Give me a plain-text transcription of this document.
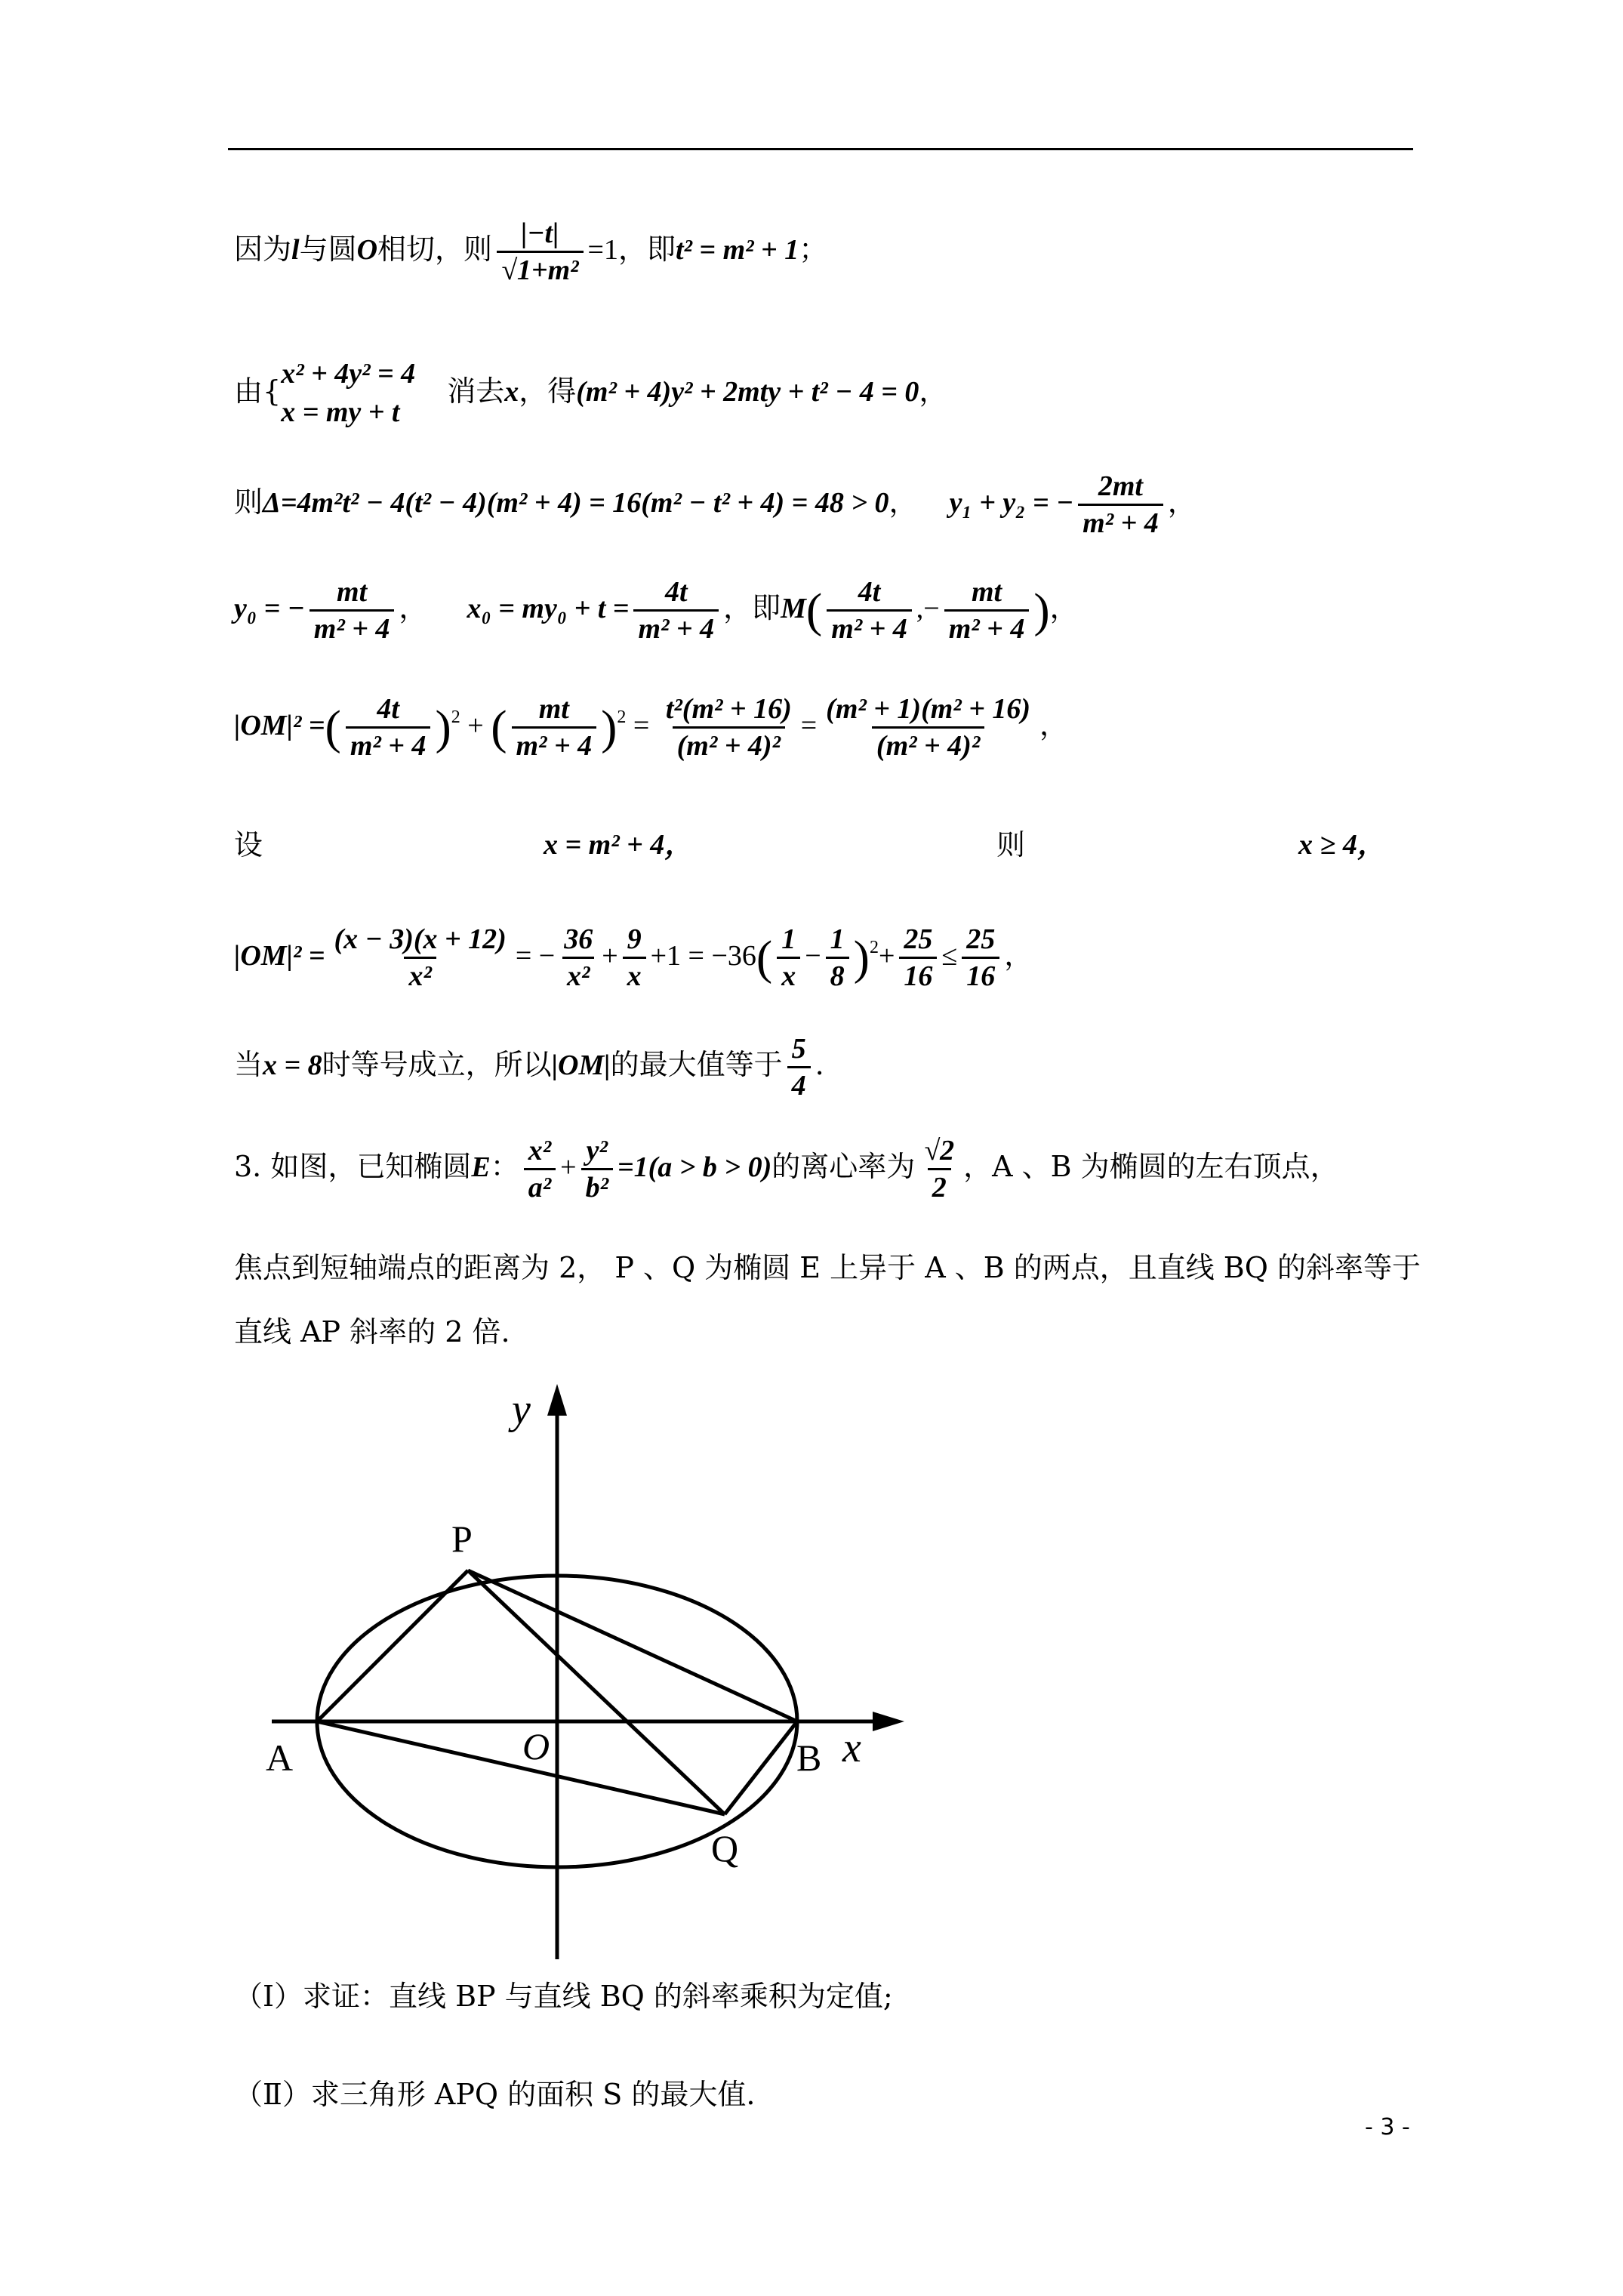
因为l与圆O相切，则 $\frac{|-t|}{\text{√1+m²}} =1$，即t² = m² + 1；
由{
x² + 4y² = 4
x = my + t
消去x，得(m² + 4)y² + 2mty + t² − 4 = 0，
则Δ=4m²t² − 4(t² − 4)(m² + 4) = 16(m² − t² + 4) = 48 > 0， y₁ + y₂ = − $\frac{2mt}{\text{m² + 4}}$ ，
y₀ = − $\frac{mt}{\text{m² + 4}}$ ， $x_0 = my_0 + t = \frac{4t}{\text{m² + 4}}$ ，即$M( \frac{4t}{\text{m² + 4}}$ ,− $\frac{mt}{\text{m² + 4}}$ )，
|OM|² =( $\frac{4t}{\text{m² + 4}} )^2$ + ( $\frac{mt}{\text{m² + 4}} )^2 = \frac{\text{t²(m² + 16)}}{\text{(m² + 4)²}} = \frac{\text{(m² + 1)(m² + 16)}}{\text{(m² + 4)²}}$ ，
设	x = m² + 4，	则	x ≥ 4，
$|OM|^2 = \frac{(x - 3)(x + 12)}{\text{x²}}$ = − $\frac{36}{\text{x²}} + \frac{9}{x} +1 = -36( \frac{1}{x} - \frac{1}{8} )^2+ \frac{25}{16} \le \frac{25}{16}$ ，
当x = 8时等号成立，所以|OM|的最大值等于 $\frac{5}{4}$ .
3. 如图，已知椭圆E： $\frac{\text{x²}}{\text{a²}} + \frac{\text{y²}}{\text{b²}} =1(a > b > 0)$的离心率为 $\frac{√2}{2}$ ，A 、B 为椭圆的左右顶点，
焦点到短轴端点的距离为 2， P 、Q 为椭圆 E 上异于 A 、B 的两点，且直线 BQ 的斜率等于
直线 AP 斜率的 2 倍.
y
x
P
A	O	B
Q
（Ⅰ）求证：直线 BP 与直线 BQ 的斜率乘积为定值;
（Ⅱ）求三角形 APQ 的面积 S 的最大值.
- 3 -
